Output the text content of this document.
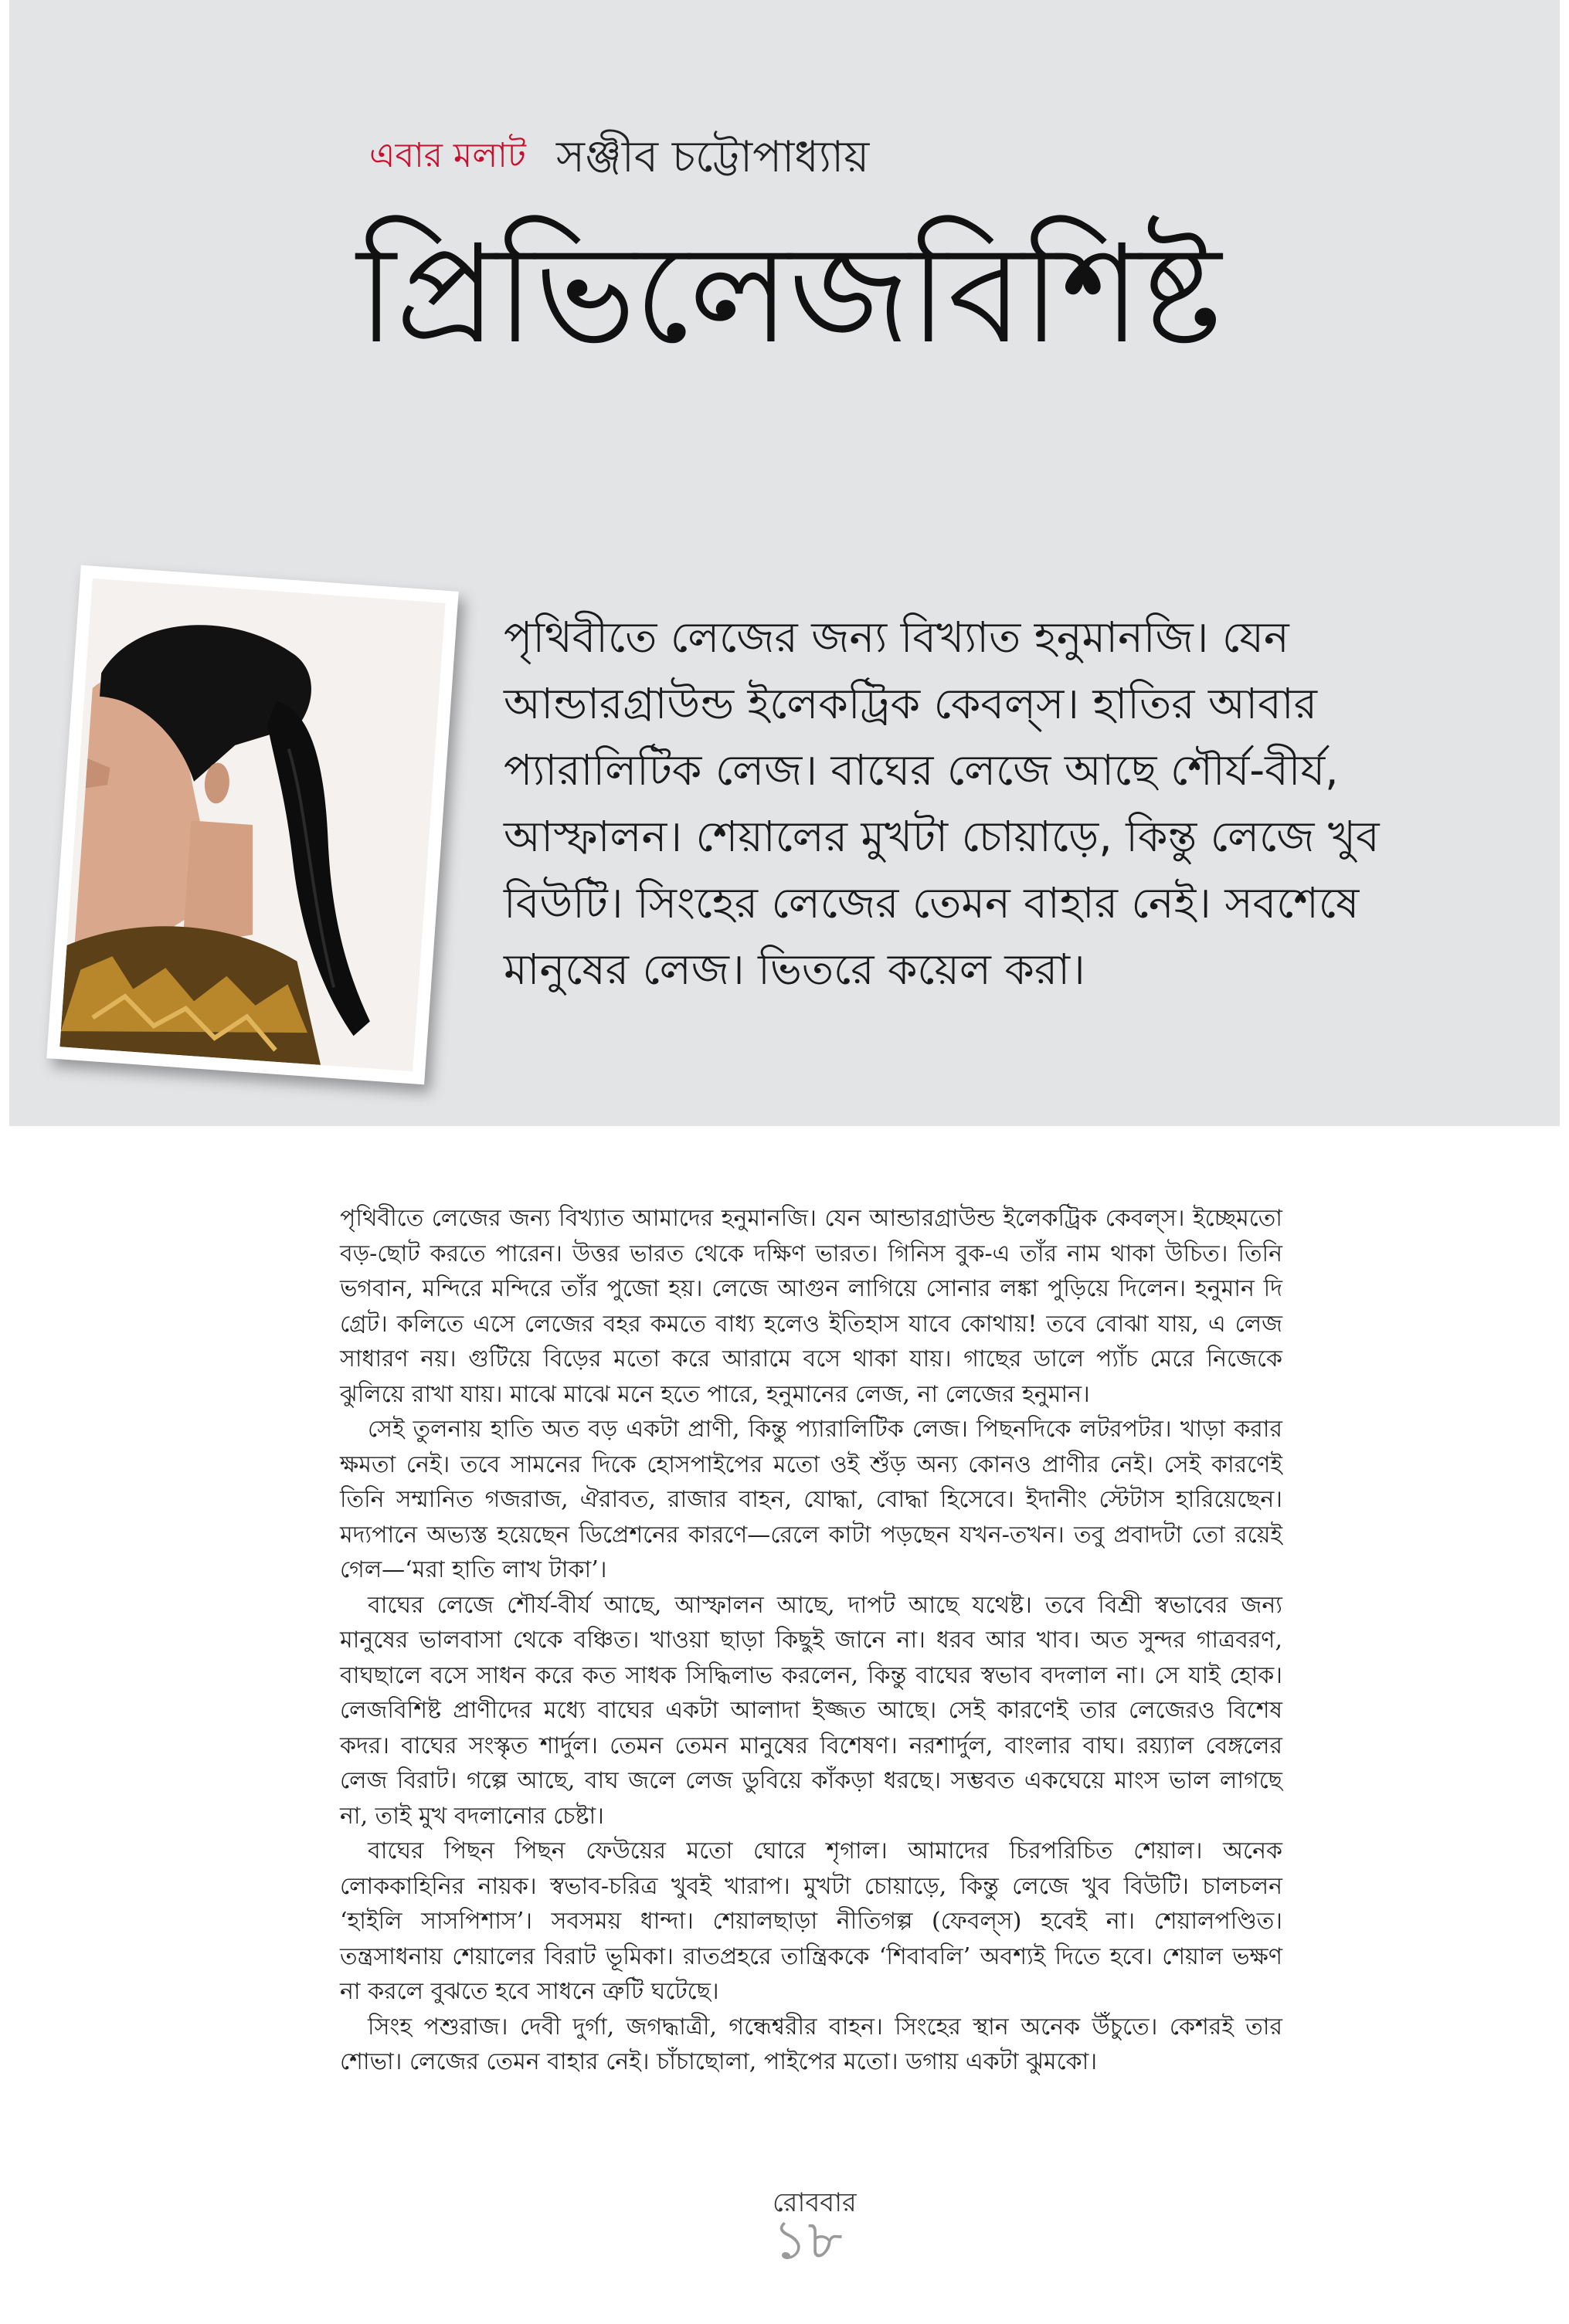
এবার মলাট সঞ্জীব চট্টোপাধ্যায়
প্রিভিলেজবিশিষ্ট
পৃথিবীতে লেজের জন্য বিখ্যাত হনুমানজি। যেন আন্ডারগ্রাউন্ড ইলেকট্রিক কেবল্‌স। হাতির আবার প্যারালিটিক লেজ। বাঘের লেজে আছে শৌর্য-বীর্য, আস্ফালন। শেয়ালের মুখটা চোয়াড়ে, কিন্তু লেজে খুব বিউটি। সিংহের লেজের তেমন বাহার নেই। সবশেষে মানুষের লেজ। ভিতরে কয়েল করা।

পৃথিবীতে লেজের জন্য বিখ্যাত আমাদের হনুমানজি। যেন আন্ডারগ্রাউন্ড ইলেকট্রিক কেবল্‌স। ইচ্ছেমতো বড়-ছোট করতে পারেন। উত্তর ভারত থেকে দক্ষিণ ভারত। গিনিস বুক-এ তাঁর নাম থাকা উচিত। তিনি ভগবান, মন্দিরে মন্দিরে তাঁর পুজো হয়। লেজে আগুন লাগিয়ে সোনার লঙ্কা পুড়িয়ে দিলেন। হনুমান দি গ্রেট। কলিতে এসে লেজের বহর কমতে বাধ্য হলেও ইতিহাস যাবে কোথায়! তবে বোঝা যায়, এ লেজ সাধারণ নয়। গুটিয়ে বিড়ের মতো করে আরামে বসে থাকা যায়। গাছের ডালে প্যাঁচ মেরে নিজেকে ঝুলিয়ে রাখা যায়। মাঝে মাঝে মনে হতে পারে, হনুমানের লেজ, না লেজের হনুমান।

সেই তুলনায় হাতি অত বড় একটা প্রাণী, কিন্তু প্যারালিটিক লেজ। পিছনদিকে লটরপটর। খাড়া করার ক্ষমতা নেই। তবে সামনের দিকে হোসপাইপের মতো ওই শুঁড় অন্য কোনও প্রাণীর নেই। সেই কারণেই তিনি সম্মানিত গজরাজ, ঐরাবত, রাজার বাহন, যোদ্ধা, বোদ্ধা হিসেবে। ইদানীং স্টেটাস হারিয়েছেন। মদ্যপানে অভ্যস্ত হয়েছেন ডিপ্রেশনের কারণে—রেলে কাটা পড়ছেন যখন-তখন। তবু প্রবাদটা তো রয়েই গেল—‘মরা হাতি লাখ টাকা’।

বাঘের লেজে শৌর্য-বীর্য আছে, আস্ফালন আছে, দাপট আছে যথেষ্ট। তবে বিশ্রী স্বভাবের জন্য মানুষের ভালবাসা থেকে বঞ্চিত। খাওয়া ছাড়া কিছুই জানে না। ধরব আর খাব। অত সুন্দর গাত্রবরণ, বাঘছালে বসে সাধন করে কত সাধক সিদ্ধিলাভ করলেন, কিন্তু বাঘের স্বভাব বদলাল না। সে যাই হোক। লেজবিশিষ্ট প্রাণীদের মধ্যে বাঘের একটা আলাদা ইজ্জত আছে। সেই কারণেই তার লেজেরও বিশেষ কদর। বাঘের সংস্কৃত শার্দুল। তেমন তেমন মানুষের বিশেষণ। নরশার্দুল, বাংলার বাঘ। রয়্যাল বেঙ্গলের লেজ বিরাট। গল্পে আছে, বাঘ জলে লেজ ডুবিয়ে কাঁকড়া ধরছে। সম্ভবত একঘেয়ে মাংস ভাল লাগছে না, তাই মুখ বদলানোর চেষ্টা।

বাঘের পিছন পিছন ফেউয়ের মতো ঘোরে শৃগাল। আমাদের চিরপরিচিত শেয়াল। অনেক লোককাহিনির নায়ক। স্বভাব-চরিত্র খুবই খারাপ। মুখটা চোয়াড়ে, কিন্তু লেজে খুব বিউটি। চালচলন ‘হাইলি সাসপিশাস’। সবসময় ধান্দা। শেয়ালছাড়া নীতিগল্প (ফেবল্‌স) হবেই না। শেয়ালপণ্ডিত। তন্ত্রসাধনায় শেয়ালের বিরাট ভূমিকা। রাতপ্রহরে তান্ত্রিককে ‘শিবাবলি’ অবশ্যই দিতে হবে। শেয়াল ভক্ষণ না করলে বুঝতে হবে সাধনে ত্রুটি ঘটেছে।

সিংহ পশুরাজ। দেবী দুর্গা, জগদ্ধাত্রী, গন্ধেশ্বরীর বাহন। সিংহের স্থান অনেক উঁচুতে। কেশরই তার শোভা। লেজের তেমন বাহার নেই। চাঁচাছোলা, পাইপের মতো। ডগায় একটা ঝুমকো।

রোববার
১৮
